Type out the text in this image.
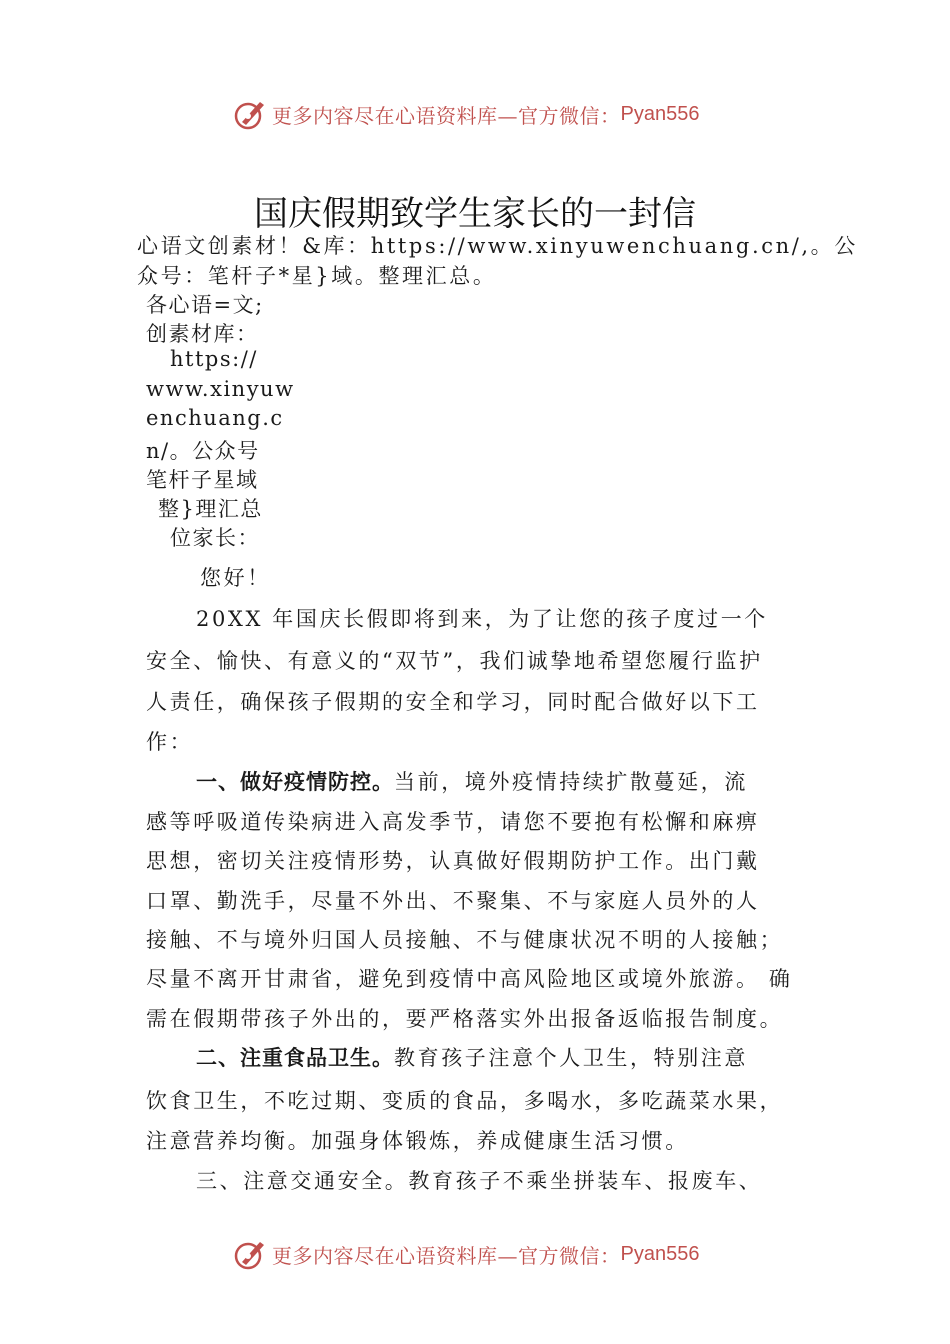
更多内容尽在心语资料库—官方微信： Pyan556
国庆假期致学生家长的一封信
心语文创素材！&库：https://www.xinyuwenchuang.cn/,。公
众号：笔杆子*星}域。整理汇总。
各心语=文;
创素材库：
https://
www.xinyuw
enchuang.c
n/。公众号
笔杆子星域
整}理汇总
位家长：
您好！
20XX 年国庆长假即将到来，为了让您的孩子度过一个
安全、愉快、有意义的“双节”，我们诚挚地希望您履行监护
人责任，确保孩子假期的安全和学习，同时配合做好以下工
作：
一、做好疫情防控。当前，境外疫情持续扩散蔓延，流
感等呼吸道传染病进入高发季节，请您不要抱有松懈和麻痹
思想，密切关注疫情形势，认真做好假期防护工作。出门戴
口罩、勤洗手，尽量不外出、不聚集、不与家庭人员外的人
接触、不与境外归国人员接触、不与健康状况不明的人接触；
尽量不离开甘肃省，避免到疫情中高风险地区或境外旅游。 确
需在假期带孩子外出的，要严格落实外出报备返临报告制度。
二、注重食品卫生。教育孩子注意个人卫生，特别注意
饮食卫生，不吃过期、变质的食品，多喝水，多吃蔬菜水果，
注意营养均衡。加强身体锻炼，养成健康生活习惯。
三、注意交通安全。教育孩子不乘坐拼装车、报废车、
更多内容尽在心语资料库—官方微信： Pyan556
